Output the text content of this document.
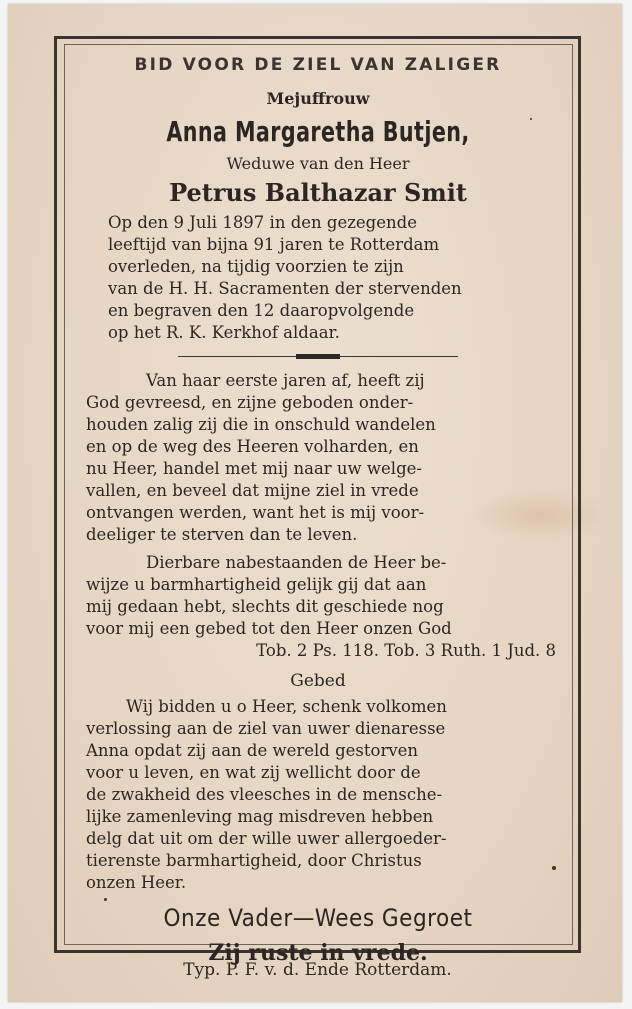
BID VOOR DE ZIEL VAN ZALIGER
Mejuffrouw
Anna Margaretha Butjen,
Weduwe van den Heer
Petrus Balthazar Smit
Op den 9 Juli 1897 in den gezegende
leeftijd van bijna 91 jaren te Rotterdam
overleden, na tijdig voorzien te zijn
van de H. H. Sacramenten der stervenden
en begraven den 12 daaropvolgende
op het R. K. Kerkhof aldaar.
Van haar eerste jaren af, heeft zij
God gevreesd, en zijne geboden onder-
houden zalig zij die in onschuld wandelen
en op de weg des Heeren volharden, en
nu Heer, handel met mij naar uw welge-
vallen, en beveel dat mijne ziel in vrede
ontvangen werden, want het is mij voor-
deeliger te sterven dan te leven.
Dierbare nabestaanden de Heer be-
wijze u barmhartigheid gelijk gij dat aan
mij gedaan hebt, slechts dit geschiede nog
voor mij een gebed tot den Heer onzen God
Tob. 2 Ps. 118. Tob. 3 Ruth. 1 Jud. 8
Gebed
Wij bidden u o Heer, schenk volkomen
verlossing aan de ziel van uwer dienaresse
Anna opdat zij aan de wereld gestorven
voor u leven, en wat zij wellicht door de
de zwakheid des vleesches in de mensche-
lijke zamenleving mag misdreven hebben
delg dat uit om der wille uwer allergoeder-
tierenste barmhartigheid, door Christus
onzen Heer.
Onze Vader—Wees Gegroet
Zij ruste in vrede.
Typ. P. F. v. d. Ende Rotterdam.
